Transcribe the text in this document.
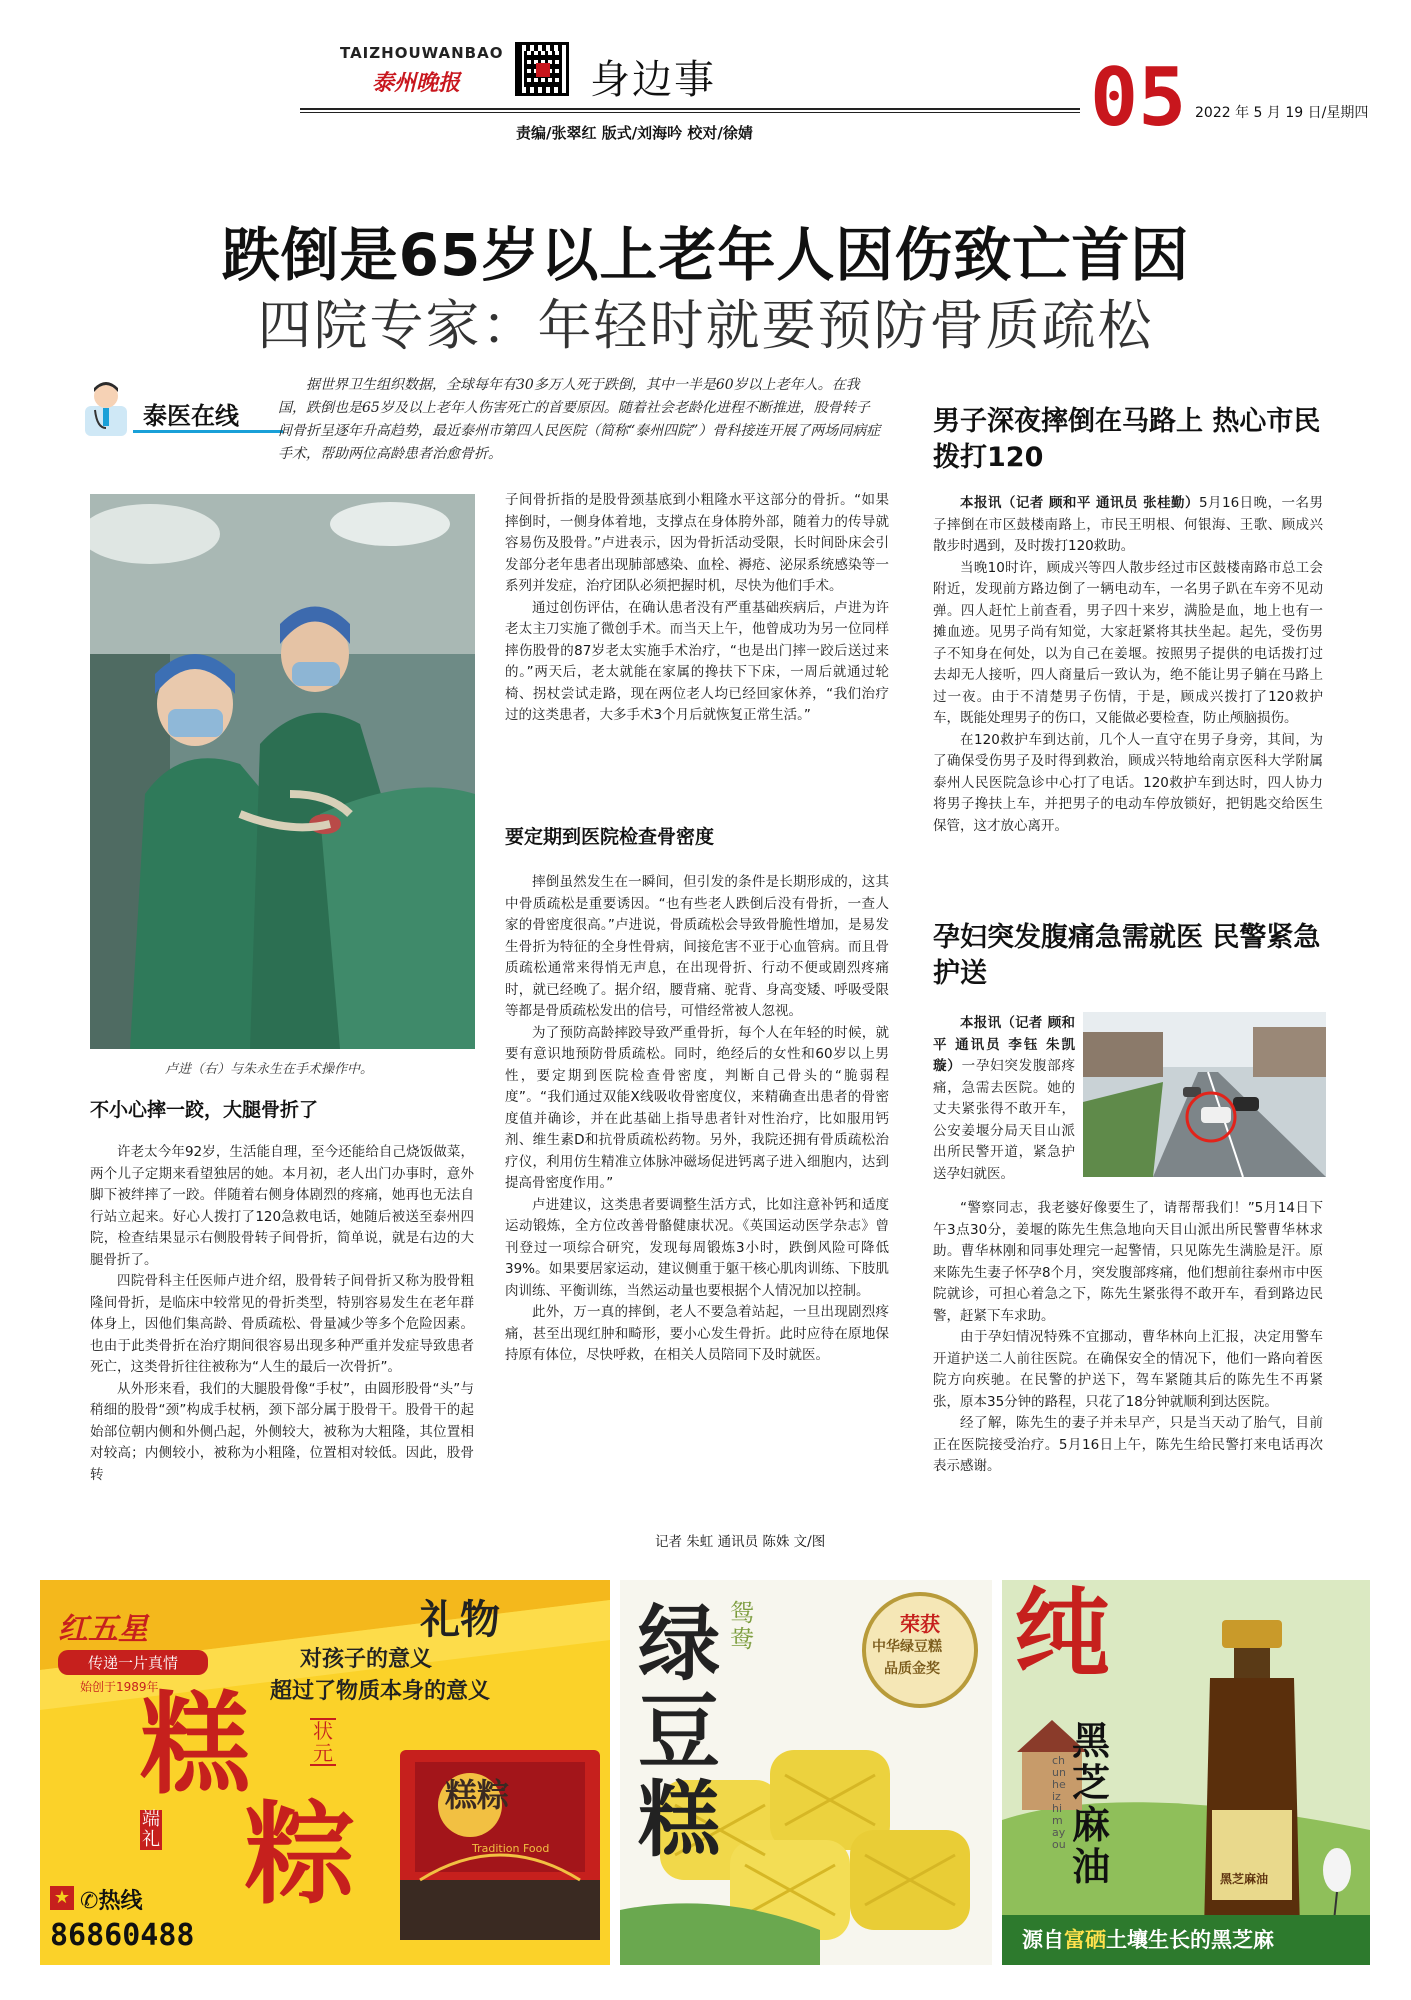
TAIZHOUWANBAO
泰州晚报	身边事	05 2022 年 5 月 19 日/星期四
责编/张翠红 版式/刘海吟 校对/徐婧
跌倒是65岁以上老年人因伤致亡首因
四院专家：年轻时就要预防骨质疏松
泰医在线

据世界卫生组织数据，全球每年有30多万人死于跌倒，其中一半是60岁以上老年人。在我国，跌倒也是65岁及以上老年人伤害死亡的首要原因。随着社会老龄化进程不断推进，股骨转子间骨折呈逐年升高趋势，最近泰州市第四人民医院（简称“泰州四院”）骨科接连开展了两场同病症手术，帮助两位高龄患者治愈骨折。

卢进（右）与朱永生在手术操作中。
不小心摔一跤，大腿骨折了

许老太今年92岁，生活能自理，至今还能给自己烧饭做菜，两个儿子定期来看望独居的她。本月初，老人出门办事时，意外脚下被绊摔了一跤。伴随着右侧身体剧烈的疼痛，她再也无法自行站立起来。好心人拨打了120急救电话，她随后被送至泰州四院，检查结果显示右侧股骨转子间骨折，简单说，就是右边的大腿骨折了。

四院骨科主任医师卢进介绍，股骨转子间骨折又称为股骨粗隆间骨折，是临床中较常见的骨折类型，特别容易发生在老年群体身上，因他们集高龄、骨质疏松、骨量减少等多个危险因素。也由于此类骨折在治疗期间很容易出现多种严重并发症导致患者死亡，这类骨折往往被称为“人生的最后一次骨折”。

从外形来看，我们的大腿股骨像“手杖”，由圆形股骨“头”与稍细的股骨“颈”构成手杖柄，颈下部分属于股骨干。股骨干的起始部位朝内侧和外侧凸起，外侧较大，被称为大粗隆，其位置相对较高；内侧较小，被称为小粗隆，位置相对较低。因此，股骨转

子间骨折指的是股骨颈基底到小粗隆水平这部分的骨折。“如果摔倒时，一侧身体着地，支撑点在身体胯外部，随着力的传导就容易伤及股骨。”卢进表示，因为骨折活动受限，长时间卧床会引发部分老年患者出现肺部感染、血栓、褥疮、泌尿系统感染等一系列并发症，治疗团队必须把握时机，尽快为他们手术。

通过创伤评估，在确认患者没有严重基础疾病后，卢进为许老太主刀实施了微创手术。而当天上午，他曾成功为另一位同样摔伤股骨的87岁老太实施手术治疗，“也是出门摔一跤后送过来的。”两天后，老太就能在家属的搀扶下下床，一周后就通过轮椅、拐杖尝试走路，现在两位老人均已经回家休养，“我们治疗过的这类患者，大多手术3个月后就恢复正常生活。”

要定期到医院检查骨密度

摔倒虽然发生在一瞬间，但引发的条件是长期形成的，这其中骨质疏松是重要诱因。“也有些老人跌倒后没有骨折，一查人家的骨密度很高。”卢进说，骨质疏松会导致骨脆性增加，是易发生骨折为特征的全身性骨病，间接危害不亚于心血管病。而且骨质疏松通常来得悄无声息，在出现骨折、行动不便或剧烈疼痛时，就已经晚了。据介绍，腰背痛、驼背、身高变矮、呼吸受限等都是骨质疏松发出的信号，可惜经常被人忽视。

为了预防高龄摔跤导致严重骨折，每个人在年轻的时候，就要有意识地预防骨质疏松。同时，绝经后的女性和60岁以上男性，要定期到医院检查骨密度，判断自己骨头的“脆弱程度”。“我们通过双能X线吸收骨密度仪，来精确查出患者的骨密度值并确诊，并在此基础上指导患者针对性治疗，比如服用钙剂、维生素D和抗骨质疏松药物。另外，我院还拥有骨质疏松治疗仪，利用仿生精准立体脉冲磁场促进钙离子进入细胞内，达到提高骨密度作用。”

卢进建议，这类患者要调整生活方式，比如注意补钙和适度运动锻炼，全方位改善骨骼健康状况。《英国运动医学杂志》曾刊登过一项综合研究，发现每周锻炼3小时，跌倒风险可降低39%。如果要居家运动，建议侧重于躯干核心肌肉训练、下肢肌肉训练、平衡训练，当然运动量也要根据个人情况加以控制。

此外，万一真的摔倒，老人不要急着站起，一旦出现剧烈疼痛，甚至出现红肿和畸形，要小心发生骨折。此时应待在原地保持原有体位，尽快呼救，在相关人员陪同下及时就医。

记者 朱虹 通讯员 陈姝 文/图
男子深夜摔倒在马路上 热心市民拨打120

本报讯（记者 顾和平 通讯员 张桂勤）5月16日晚，一名男子摔倒在市区鼓楼南路上，市民王明根、何银海、王歌、顾成兴散步时遇到，及时拨打120救助。

当晚10时许，顾成兴等四人散步经过市区鼓楼南路市总工会附近，发现前方路边倒了一辆电动车，一名男子趴在车旁不见动弹。四人赶忙上前查看，男子四十来岁，满脸是血，地上也有一摊血迹。见男子尚有知觉，大家赶紧将其扶坐起。起先，受伤男子不知身在何处，以为自己在姜堰。按照男子提供的电话拨打过去却无人接听，四人商量后一致认为，绝不能让男子躺在马路上过一夜。由于不清楚男子伤情，于是，顾成兴拨打了120救护车，既能处理男子的伤口，又能做必要检查，防止颅脑损伤。

在120救护车到达前，几个人一直守在男子身旁，其间，为了确保受伤男子及时得到救治，顾成兴特地给南京医科大学附属泰州人民医院急诊中心打了电话。120救护车到达时，四人协力将男子搀扶上车，并把男子的电动车停放锁好，把钥匙交给医生保管，这才放心离开。

孕妇突发腹痛急需就医 民警紧急护送

本报讯（记者 顾和平 通讯员 李钰 朱凯璇）一孕妇突发腹部疼痛，急需去医院。她的丈夫紧张得不敢开车，公安姜堰分局天目山派出所民警开道，紧急护送孕妇就医。

“警察同志，我老婆好像要生了，请帮帮我们！”5月14日下午3点30分，姜堰的陈先生焦急地向天目山派出所民警曹华林求助。曹华林刚和同事处理完一起警情，只见陈先生满脸是汗。原来陈先生妻子怀孕8个月，突发腹部疼痛，他们想前往泰州市中医院就诊，可担心着急之下，陈先生紧张得不敢开车，看到路边民警，赶紧下车求助。

由于孕妇情况特殊不宜挪动，曹华林向上汇报，决定用警车开道护送二人前往医院。在确保安全的情况下，他们一路向着医院方向疾驰。在民警的护送下，驾车紧随其后的陈先生不再紧张，原本35分钟的路程，只花了18分钟就顺利到达医院。

经了解，陈先生的妻子并未早产，只是当天动了胎气，目前正在医院接受治疗。5月16日上午，陈先生给民警打来电话再次表示感谢。

红五星
传递一片真情
始创于1989年
礼物
对孩子的意义
超过了物质本身的意义
糕
粽
状元
端礼
糕粽
Tradition Food
★ ✆热线
86860488
绿豆糕
鸳鸯
荣获
中华绿豆糕
品质金奖 纯
黑芝麻油
chunheizhimayou
黑芝麻油
源自富硒土壤生长的黑芝麻
